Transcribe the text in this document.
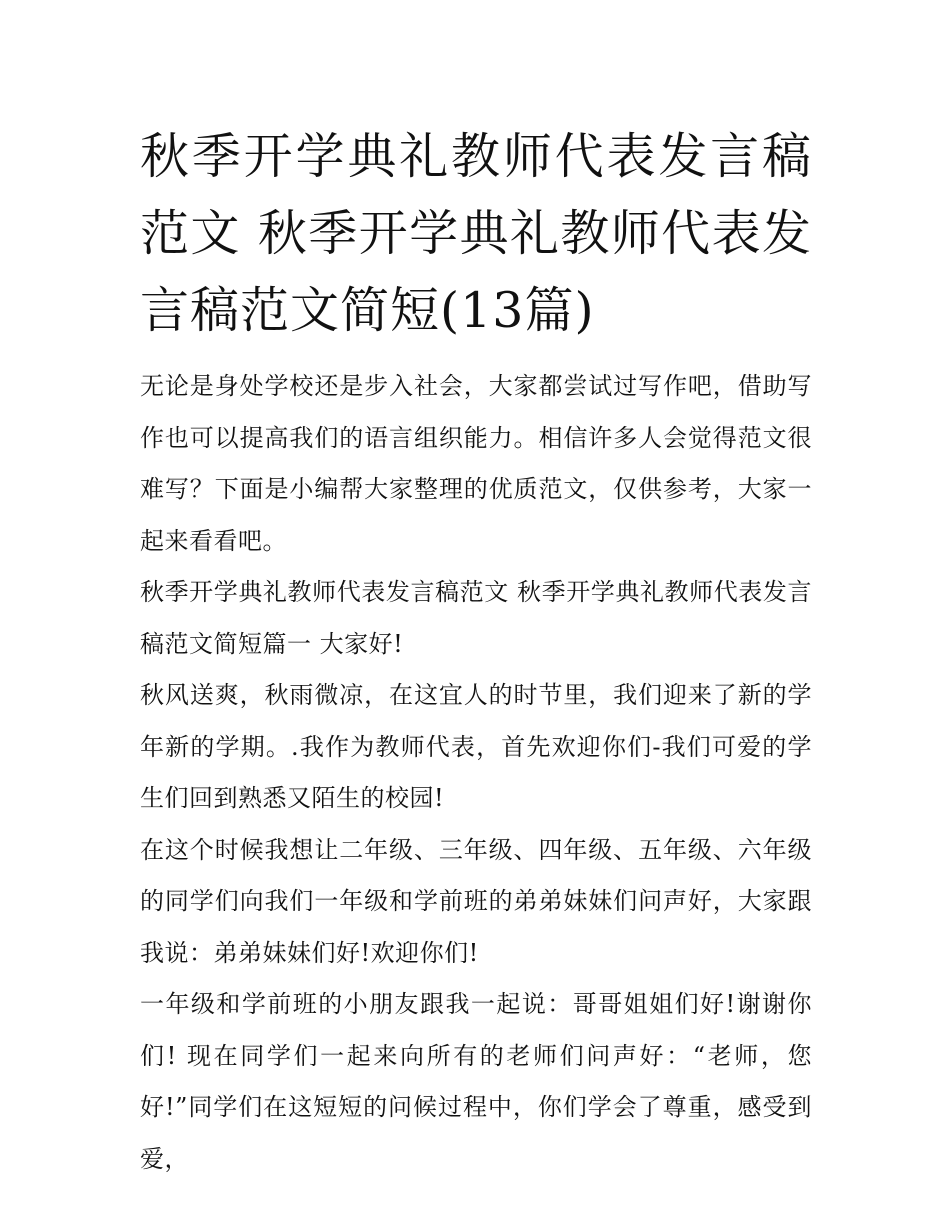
秋季开学典礼教师代表发言稿范文 秋季开学典礼教师代表发言稿范文简短(13篇)

无论是身处学校还是步入社会，大家都尝试过写作吧，借助写作也可以提高我们的语言组织能力。相信许多人会觉得范文很难写？下面是小编帮大家整理的优质范文，仅供参考，大家一起来看看吧。

秋季开学典礼教师代表发言稿范文 秋季开学典礼教师代表发言稿范文简短篇一 大家好!

秋风送爽，秋雨微凉，在这宜人的时节里，我们迎来了新的学年新的学期。.我作为教师代表，首先欢迎你们-我们可爱的学生们回到熟悉又陌生的校园!

在这个时候我想让二年级、三年级、四年级、五年级、六年级的同学们向我们一年级和学前班的弟弟妹妹们问声好，大家跟我说：弟弟妹妹们好!欢迎你们!

一年级和学前班的小朋友跟我一起说：哥哥姐姐们好!谢谢你们! 现在同学们一起来向所有的老师们问声好：“老师，您好!”同学们在这短短的问候过程中，你们学会了尊重，感受到爱，
